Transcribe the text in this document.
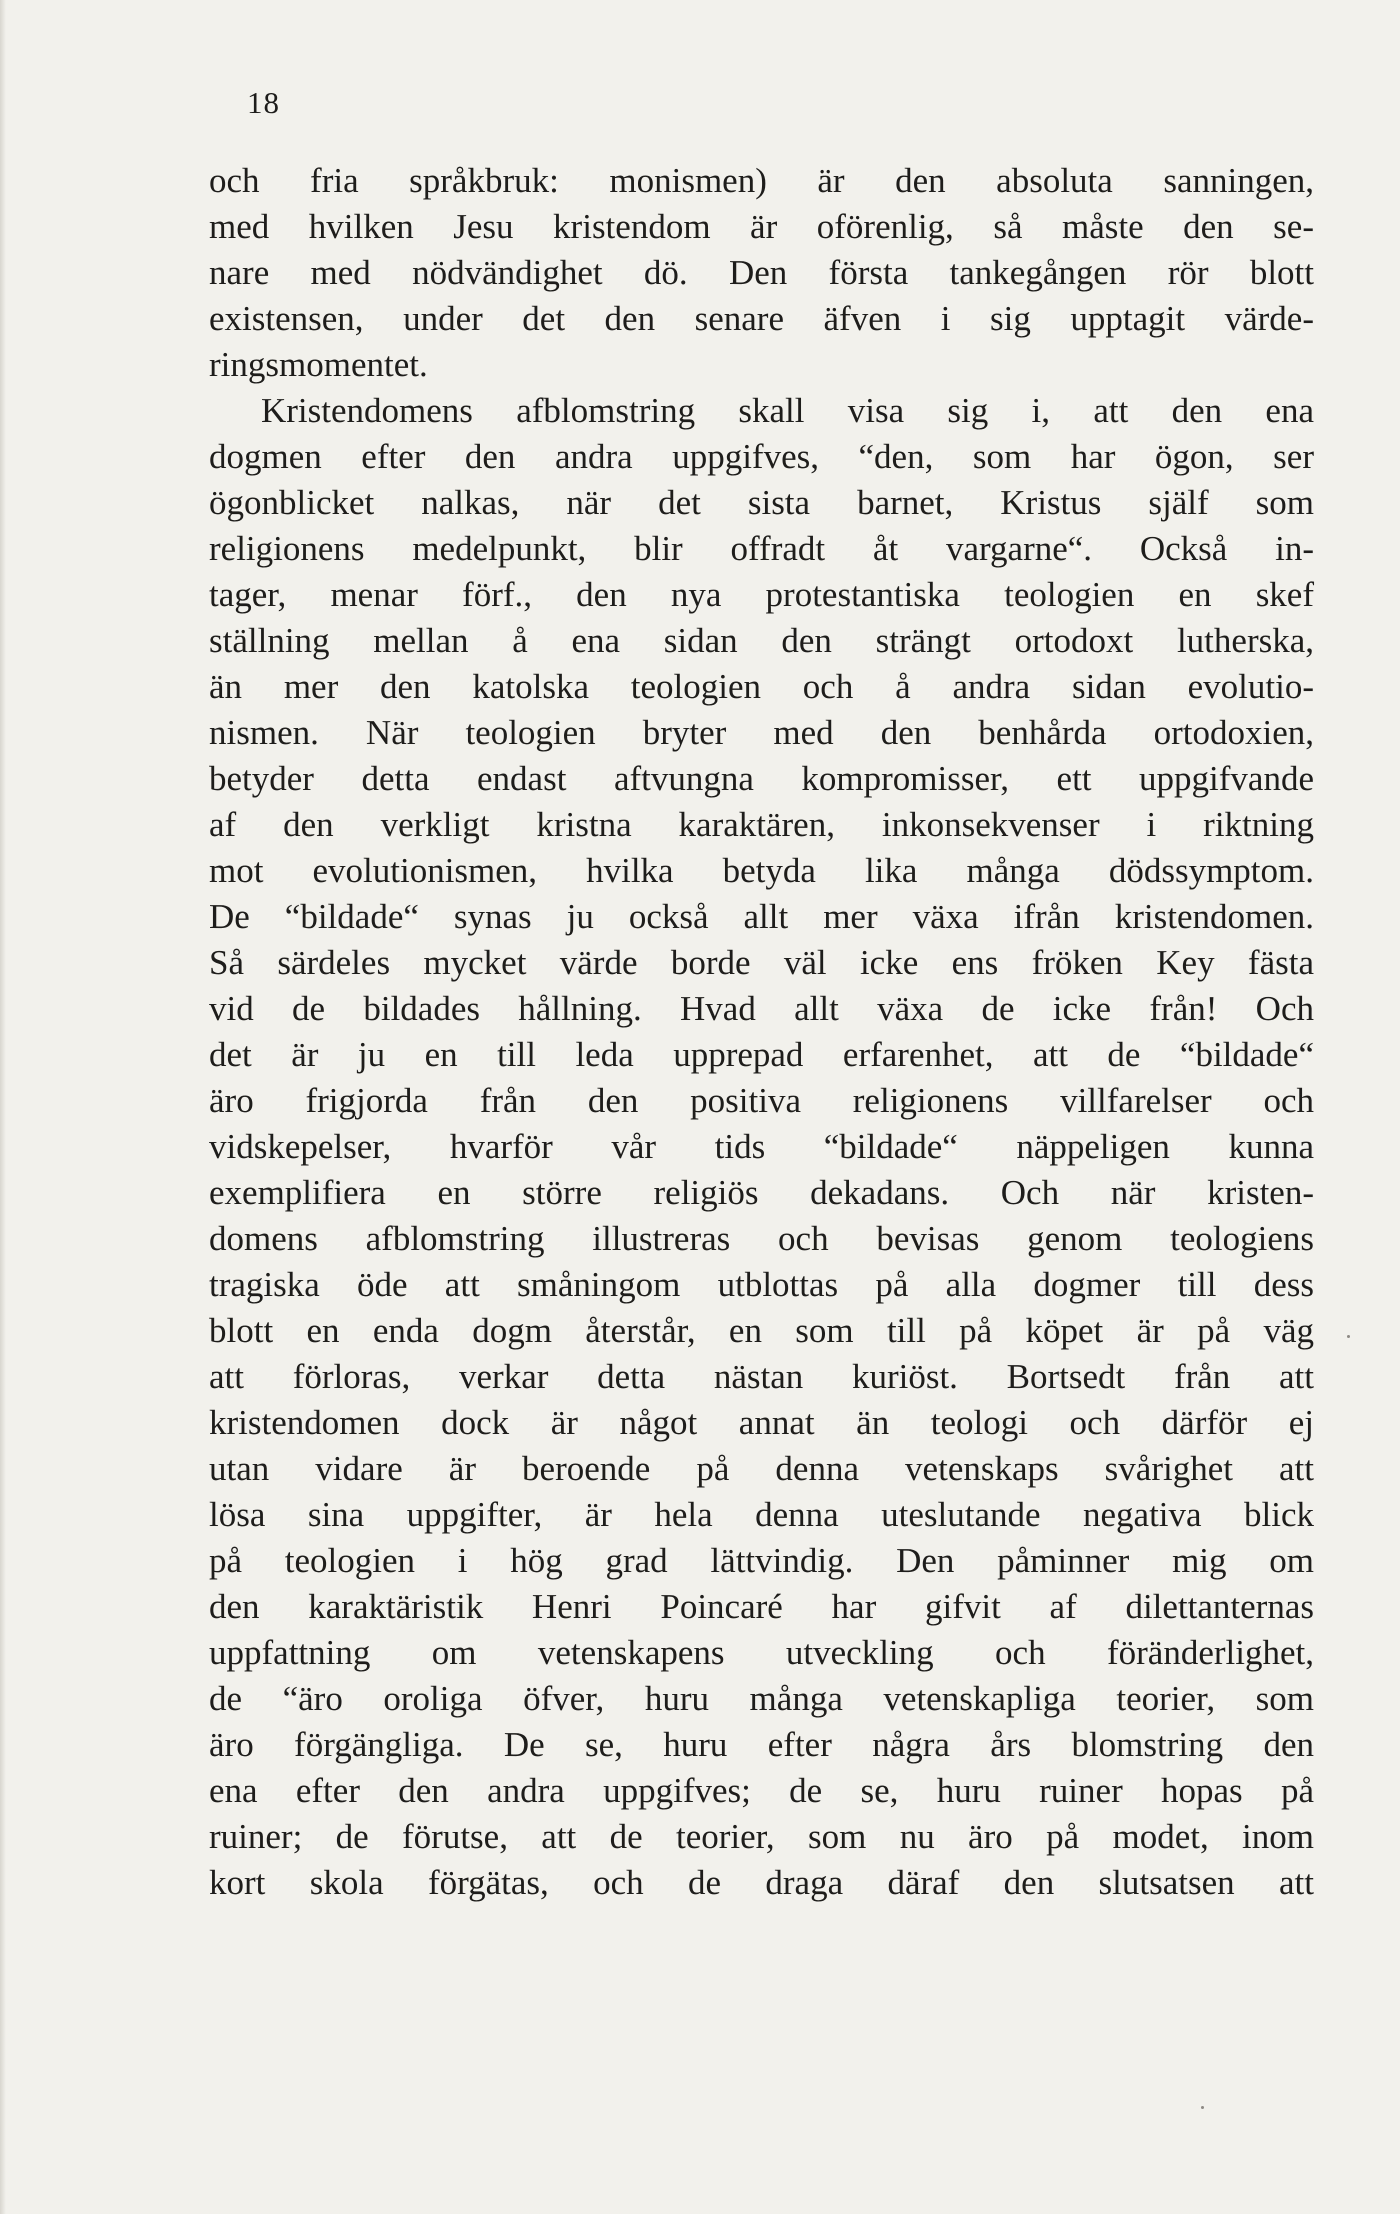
18
och fria språkbruk: monismen) är den absoluta sanningen,
med hvilken Jesu kristendom är oförenlig, så måste den se-
nare med nödvändighet dö. Den första tankegången rör blott
existensen, under det den senare äfven i sig upptagit värde-
ringsmomentet.
Kristendomens afblomstring skall visa sig i, att den ena
dogmen efter den andra uppgifves, “den, som har ögon, ser
ögonblicket nalkas, när det sista barnet, Kristus själf som
religionens medelpunkt, blir offradt åt vargarne“. Också in-
tager, menar förf., den nya protestantiska teologien en skef
ställning mellan å ena sidan den strängt ortodoxt lutherska,
än mer den katolska teologien och å andra sidan evolutio-
nismen. När teologien bryter med den benhårda ortodoxien,
betyder detta endast aftvungna kompromisser, ett uppgifvande
af den verkligt kristna karaktären, inkonsekvenser i riktning
mot evolutionismen, hvilka betyda lika många dödssymptom.
De “bildade“ synas ju också allt mer växa ifrån kristendomen.
Så särdeles mycket värde borde väl icke ens fröken Key fästa
vid de bildades hållning. Hvad allt växa de icke från! Och
det är ju en till leda upprepad erfarenhet, att de “bildade“
äro frigjorda från den positiva religionens villfarelser och
vidskepelser, hvarför vår tids “bildade“ näppeligen kunna
exemplifiera en större religiös dekadans. Och när kristen-
domens afblomstring illustreras och bevisas genom teologiens
tragiska öde att småningom utblottas på alla dogmer till dess
blott en enda dogm återstår, en som till på köpet är på väg
att förloras, verkar detta nästan kuriöst. Bortsedt från att
kristendomen dock är något annat än teologi och därför ej
utan vidare är beroende på denna vetenskaps svårighet att
lösa sina uppgifter, är hela denna uteslutande negativa blick
på teologien i hög grad lättvindig. Den påminner mig om
den karaktäristik Henri Poincaré har gifvit af dilettanternas
uppfattning om vetenskapens utveckling och föränderlighet,
de “äro oroliga öfver, huru många vetenskapliga teorier, som
äro förgängliga. De se, huru efter några års blomstring den
ena efter den andra uppgifves; de se, huru ruiner hopas på
ruiner; de förutse, att de teorier, som nu äro på modet, inom
kort skola förgätas, och de draga däraf den slutsatsen att
